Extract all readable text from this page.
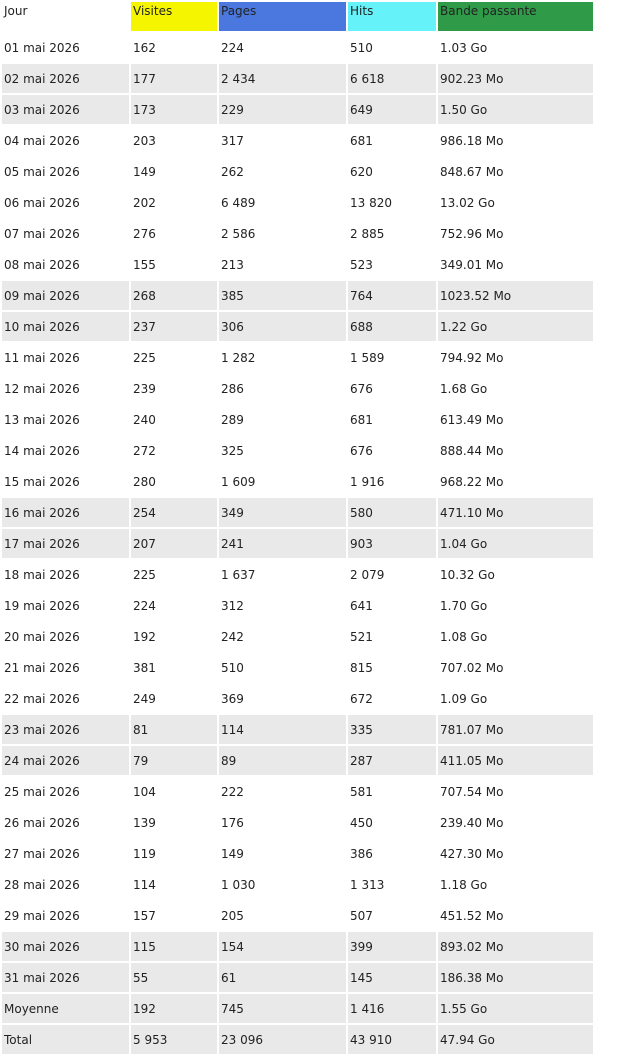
Jour	Visites	Pages	Hits	Bande passante
01 mai 2026	162	224	510	1.03 Go
02 mai 2026	177	2 434	6 618	902.23 Mo
03 mai 2026	173	229	649	1.50 Go
04 mai 2026	203	317	681	986.18 Mo
05 mai 2026	149	262	620	848.67 Mo
06 mai 2026	202	6 489	13 820	13.02 Go
07 mai 2026	276	2 586	2 885	752.96 Mo
08 mai 2026	155	213	523	349.01 Mo
09 mai 2026	268	385	764	1023.52 Mo
10 mai 2026	237	306	688	1.22 Go
11 mai 2026	225	1 282	1 589	794.92 Mo
12 mai 2026	239	286	676	1.68 Go
13 mai 2026	240	289	681	613.49 Mo
14 mai 2026	272	325	676	888.44 Mo
15 mai 2026	280	1 609	1 916	968.22 Mo
16 mai 2026	254	349	580	471.10 Mo
17 mai 2026	207	241	903	1.04 Go
18 mai 2026	225	1 637	2 079	10.32 Go
19 mai 2026	224	312	641	1.70 Go
20 mai 2026	192	242	521	1.08 Go
21 mai 2026	381	510	815	707.02 Mo
22 mai 2026	249	369	672	1.09 Go
23 mai 2026	81	114	335	781.07 Mo
24 mai 2026	79	89	287	411.05 Mo
25 mai 2026	104	222	581	707.54 Mo
26 mai 2026	139	176	450	239.40 Mo
27 mai 2026	119	149	386	427.30 Mo
28 mai 2026	114	1 030	1 313	1.18 Go
29 mai 2026	157	205	507	451.52 Mo
30 mai 2026	115	154	399	893.02 Mo
31 mai 2026	55	61	145	186.38 Mo
Moyenne	192	745	1 416	1.55 Go
Total	5 953	23 096	43 910	47.94 Go
